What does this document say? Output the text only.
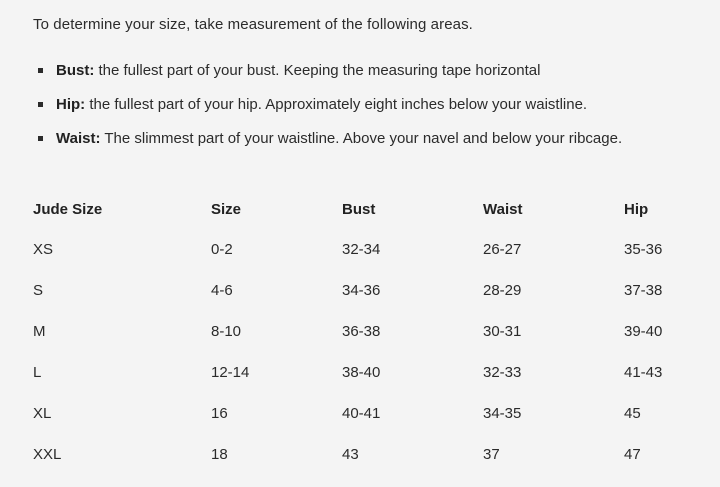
To determine your size, take measurement of the following areas.

Bust: the fullest part of your bust. Keeping the measuring tape horizontal
Hip: the fullest part of your hip. Approximately eight inches below your waistline.
Waist: The slimmest part of your waistline. Above your navel and below your ribcage.
Jude Size	Size	Bust	Waist	Hip
XS	0-2	32-34	26-27	35-36
S	4-6	34-36	28-29	37-38
M	8-10	36-38	30-31	39-40
L	12-14	38-40	32-33	41-43
XL	16	40-41	34-35	45
XXL	18	43	37	47
